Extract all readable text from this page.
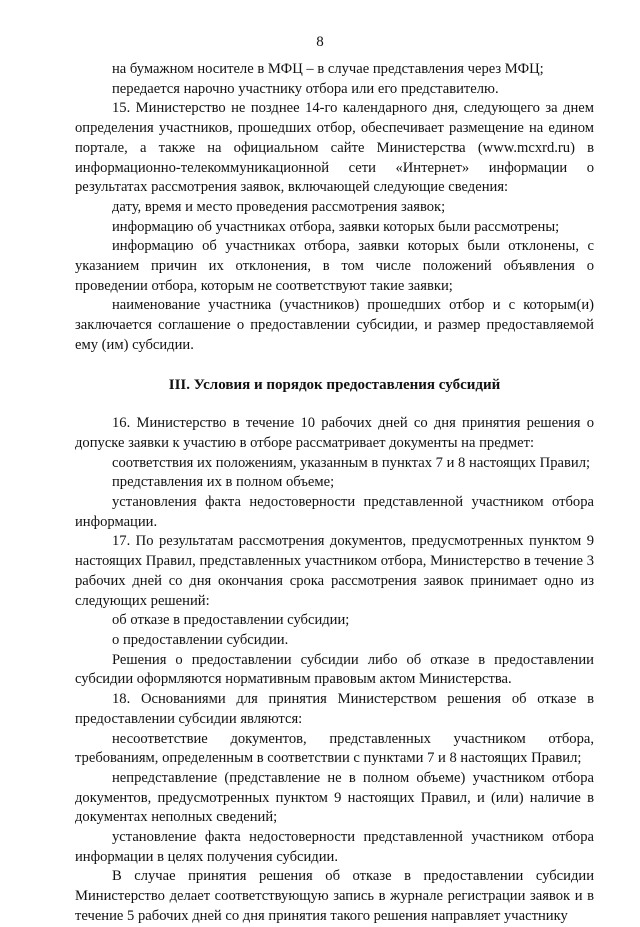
8

на бумажном носителе в МФЦ – в случае представления через МФЦ;

передается нарочно участнику отбора или его представителю.

15. Министерство не позднее 14-го календарного дня, следующего за днем определения участников, прошедших отбор, обеспечивает размещение на едином портале, а также на официальном сайте Министерства (www.mcxrd.ru) в информационно-телекоммуникационной сети «Интернет» информации о результатах рассмотрения заявок, включающей следующие сведения:

дату, время и место проведения рассмотрения заявок;

информацию об участниках отбора, заявки которых были рассмотрены;

информацию об участниках отбора, заявки которых были отклонены, с указанием причин их отклонения, в том числе положений объявления о проведении отбора, которым не соответствуют такие заявки;

наименование участника (участников) прошедших отбор и с которым(и) заключается соглашение о предоставлении субсидии, и размер предоставляемой ему (им) субсидии.

III. Условия и порядок предоставления субсидий

16. Министерство в течение 10 рабочих дней со дня принятия решения о допуске заявки к участию в отборе рассматривает документы на предмет:

соответствия их положениям, указанным в пунктах 7 и 8 настоящих Правил;

представления их в полном объеме;

установления факта недостоверности представленной участником отбора информации.

17. По результатам рассмотрения документов, предусмотренных пунктом 9 настоящих Правил, представленных участником отбора, Министерство в течение 3 рабочих дней со дня окончания срока рассмотрения заявок принимает одно из следующих решений:

об отказе в предоставлении субсидии;

о предоставлении субсидии.

Решения о предоставлении субсидии либо об отказе в предоставлении субсидии оформляются нормативным правовым актом Министерства.

18. Основаниями для принятия Министерством решения об отказе в предоставлении субсидии являются:

несоответствие документов, представленных участником отбора, требованиям, определенным в соответствии с пунктами 7 и 8 настоящих Правил;

непредставление (представление не в полном объеме) участником отбора документов, предусмотренных пунктом 9 настоящих Правил, и (или) наличие в документах неполных сведений;

установление факта недостоверности представленной участником отбора информации в целях получения субсидии.

В случае принятия решения об отказе в предоставлении субсидии Министерство делает соответствующую запись в журнале регистрации заявок и в течение 5 рабочих дней со дня принятия такого решения направляет участнику
